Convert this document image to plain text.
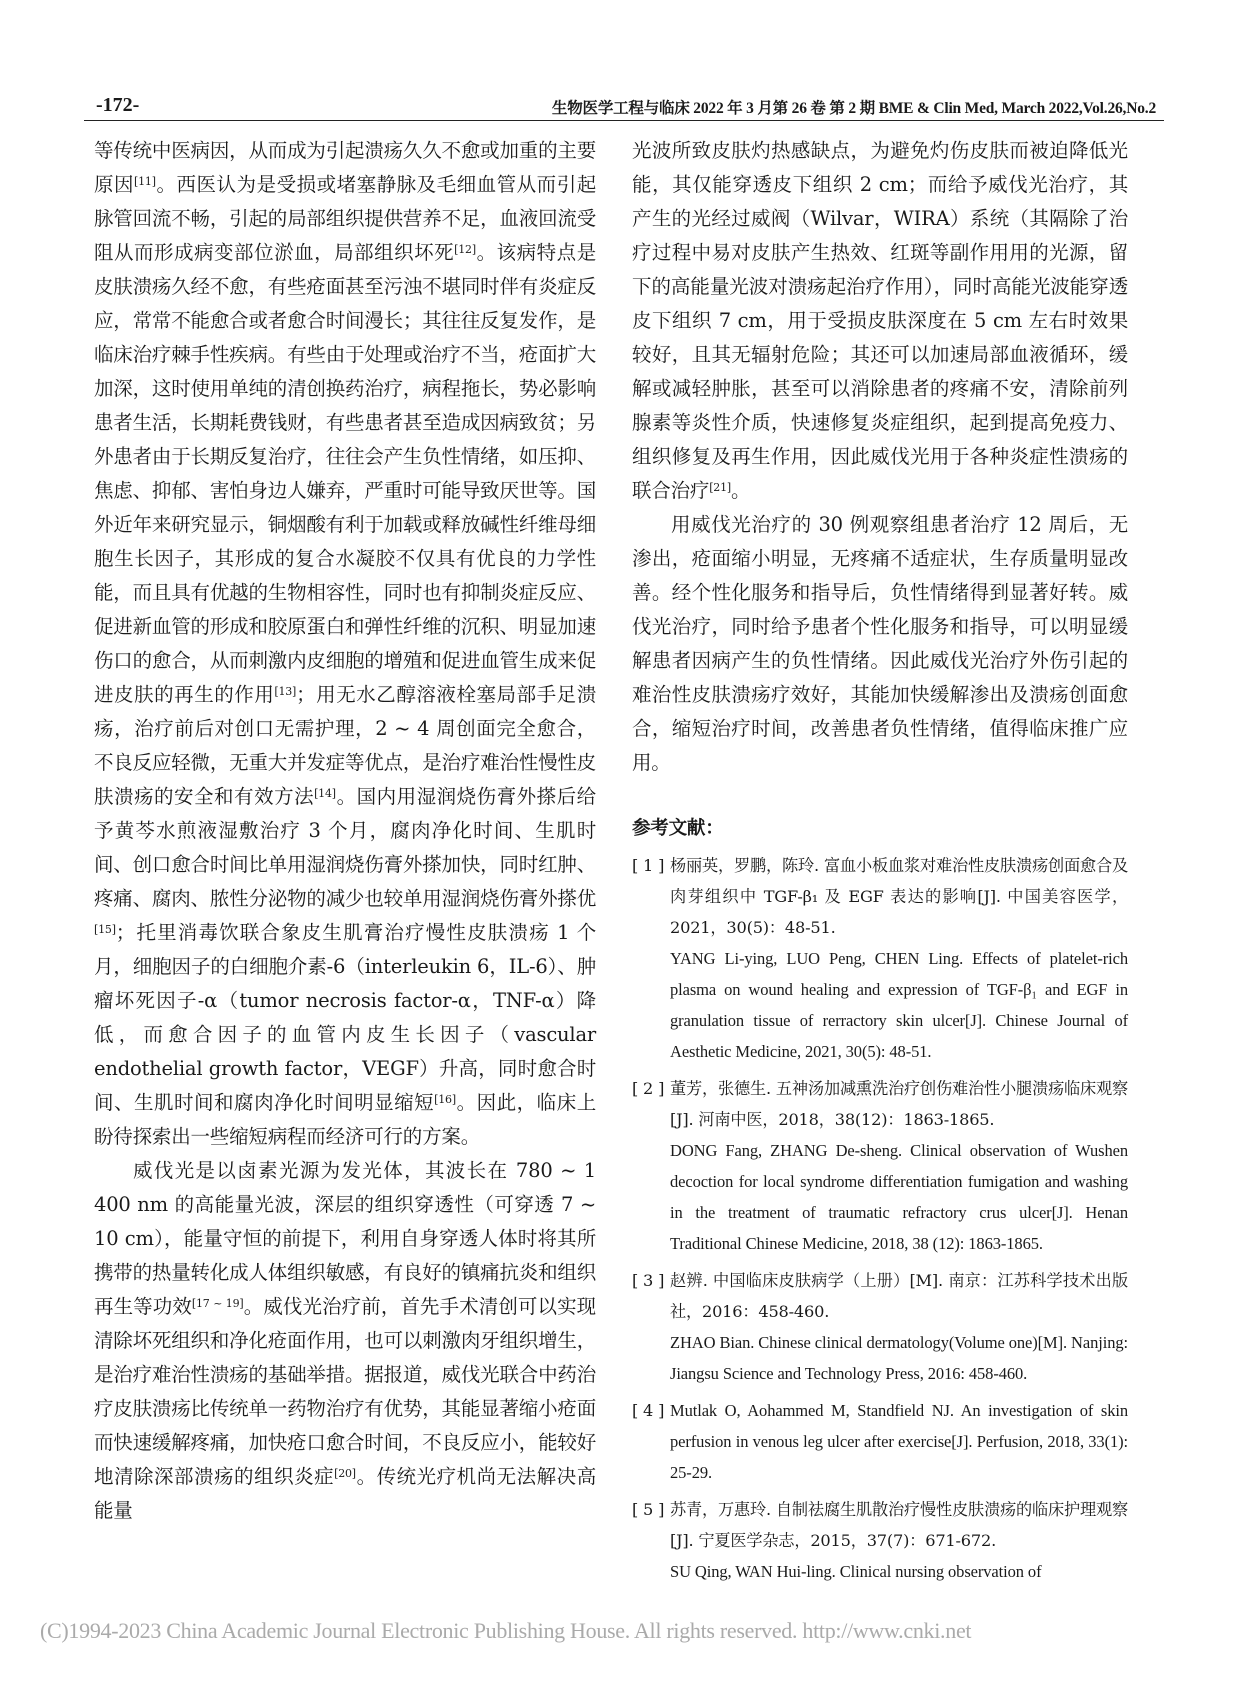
-172-	生物医学工程与临床 2022 年 3 月第 26 卷 第 2 期 BME & Clin Med, March 2022,Vol.26,No.2

等传统中医病因，从而成为引起溃疡久久不愈或加重的主要原因[11]。西医认为是受损或堵塞静脉及毛细血管从而引起脉管回流不畅，引起的局部组织提供营养不足，血液回流受阻从而形成病变部位淤血，局部组织坏死[12]。该病特点是皮肤溃疡久经不愈，有些疮面甚至污浊不堪同时伴有炎症反应，常常不能愈合或者愈合时间漫长；其往往反复发作，是临床治疗棘手性疾病。有些由于处理或治疗不当，疮面扩大加深，这时使用单纯的清创换药治疗，病程拖长，势必影响患者生活，长期耗费钱财，有些患者甚至造成因病致贫；另外患者由于长期反复治疗，往往会产生负性情绪，如压抑、焦虑、抑郁、害怕身边人嫌弃，严重时可能导致厌世等。国外近年来研究显示，铜烟酸有利于加载或释放碱性纤维母细胞生长因子，其形成的复合水凝胶不仅具有优良的力学性能，而且具有优越的生物相容性，同时也有抑制炎症反应、促进新血管的形成和胶原蛋白和弹性纤维的沉积、明显加速伤口的愈合，从而刺激内皮细胞的增殖和促进血管生成来促进皮肤的再生的作用[13]；用无水乙醇溶液栓塞局部手足溃疡，治疗前后对创口无需护理，2 ~ 4 周创面完全愈合，不良反应轻微，无重大并发症等优点，是治疗难治性慢性皮肤溃疡的安全和有效方法[14]。国内用湿润烧伤膏外搽后给予黄芩水煎液湿敷治疗 3 个月，腐肉净化时间、生肌时间、创口愈合时间比单用湿润烧伤膏外搽加快，同时红肿、疼痛、腐肉、脓性分泌物的减少也较单用湿润烧伤膏外搽优[15]；托里消毒饮联合象皮生肌膏治疗慢性皮肤溃疡 1 个月，细胞因子的白细胞介素-6（interleukin 6，IL-6）、肿瘤坏死因子-α（tumor necrosis factor-α，TNF-α）降低，而愈合因子的血管内皮生长因子（vascular endothelial growth factor，VEGF）升高，同时愈合时间、生肌时间和腐肉净化时间明显缩短[16]。因此，临床上盼待探索出一些缩短病程而经济可行的方案。

威伐光是以卤素光源为发光体，其波长在 780 ~ 1 400 nm 的高能量光波，深层的组织穿透性（可穿透 7 ~ 10 cm），能量守恒的前提下，利用自身穿透人体时将其所携带的热量转化成人体组织敏感，有良好的镇痛抗炎和组织再生等功效[17 ~ 19]。威伐光治疗前，首先手术清创可以实现清除坏死组织和净化疮面作用，也可以刺激肉牙组织增生，是治疗难治性溃疡的基础举措。据报道，威伐光联合中药治疗皮肤溃疡比传统单一药物治疗有优势，其能显著缩小疮面而快速缓解疼痛，加快疮口愈合时间，不良反应小，能较好地清除深部溃疡的组织炎症[20]。传统光疗机尚无法解决高能量

光波所致皮肤灼热感缺点，为避免灼伤皮肤而被迫降低光能，其仅能穿透皮下组织 2 cm；而给予威伐光治疗，其产生的光经过威阀（Wilvar，WIRA）系统（其隔除了治疗过程中易对皮肤产生热效、红斑等副作用用的光源，留下的高能量光波对溃疡起治疗作用），同时高能光波能穿透皮下组织 7 cm，用于受损皮肤深度在 5 cm 左右时效果较好，且其无辐射危险；其还可以加速局部血液循环，缓解或减轻肿胀，甚至可以消除患者的疼痛不安，清除前列腺素等炎性介质，快速修复炎症组织，起到提高免疫力、组织修复及再生作用，因此威伐光用于各种炎症性溃疡的联合治疗[21]。

用威伐光治疗的 30 例观察组患者治疗 12 周后，无渗出，疮面缩小明显，无疼痛不适症状，生存质量明显改善。经个性化服务和指导后，负性情绪得到显著好转。威伐光治疗，同时给予患者个性化服务和指导，可以明显缓解患者因病产生的负性情绪。因此威伐光治疗外伤引起的难治性皮肤溃疡疗效好，其能加快缓解渗出及溃疡创面愈合，缩短治疗时间，改善患者负性情绪，值得临床推广应用。

参考文献：
[ 1 ] 杨丽英，罗鹏，陈玲. 富血小板血浆对难治性皮肤溃疡创面愈合及肉芽组织中 TGF-β₁ 及 EGF 表达的影响[J]. 中国美容医学，2021，30(5)：48-51.
YANG Li-ying, LUO Peng, CHEN Ling. Effects of platelet-rich plasma on wound healing and expression of TGF-β₁ and EGF in granulation tissue of rerractory skin ulcer[J]. Chinese Journal of Aesthetic Medicine, 2021, 30(5): 48-51.
[ 2 ] 董芳，张德生. 五神汤加减熏洗治疗创伤难治性小腿溃疡临床观察[J]. 河南中医，2018，38(12)：1863-1865.
DONG Fang, ZHANG De-sheng. Clinical observation of Wushen decoction for local syndrome differentiation fumigation and washing in the treatment of traumatic refractory crus ulcer[J]. Henan Traditional Chinese Medicine, 2018, 38 (12): 1863-1865.
[ 3 ] 赵辨. 中国临床皮肤病学（上册）[M]. 南京：江苏科学技术出版社，2016：458-460.
ZHAO Bian. Chinese clinical dermatology(Volume one)[M]. Nanjing: Jiangsu Science and Technology Press, 2016: 458-460.
[ 4 ] Mutlak O, Aohammed M, Standfield NJ. An investigation of skin perfusion in venous leg ulcer after exercise[J]. Perfusion, 2018, 33(1): 25-29.
[ 5 ] 苏青，万惠玲. 自制祛腐生肌散治疗慢性皮肤溃疡的临床护理观察[J]. 宁夏医学杂志，2015，37(7)：671-672.
SU Qing, WAN Hui-ling. Clinical nursing observation of
(C)1994-2023 China Academic Journal Electronic Publishing House. All rights reserved. http://www.cnki.net
